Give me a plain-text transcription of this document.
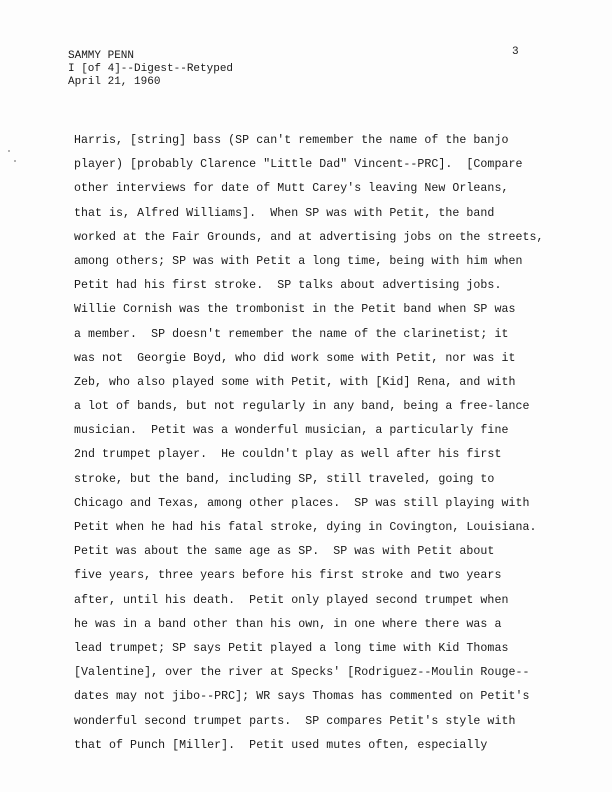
3
SAMMY PENN
I [of 4]--Digest--Retyped
April 21, 1960
Harris, [string] bass (SP can't remember the name of the banjo
player) [probably Clarence "Little Dad" Vincent--PRC].  [Compare
other interviews for date of Mutt Carey's leaving New Orleans,
that is, Alfred Williams].  When SP was with Petit, the band
worked at the Fair Grounds, and at advertising jobs on the streets,
among others; SP was with Petit a long time, being with him when
Petit had his first stroke.  SP talks about advertising jobs.
Willie Cornish was the trombonist in the Petit band when SP was
a member.  SP doesn't remember the name of the clarinetist; it
was not  Georgie Boyd, who did work some with Petit, nor was it
Zeb, who also played some with Petit, with [Kid] Rena, and with
a lot of bands, but not regularly in any band, being a free-lance
musician.  Petit was a wonderful musician, a particularly fine
2nd trumpet player.  He couldn't play as well after his first
stroke, but the band, including SP, still traveled, going to
Chicago and Texas, among other places.  SP was still playing with
Petit when he had his fatal stroke, dying in Covington, Louisiana.
Petit was about the same age as SP.  SP was with Petit about
five years, three years before his first stroke and two years
after, until his death.  Petit only played second trumpet when
he was in a band other than his own, in one where there was a
lead trumpet; SP says Petit played a long time with Kid Thomas
[Valentine], over the river at Specks' [Rodriguez--Moulin Rouge--
dates may not jibo--PRC]; WR says Thomas has commented on Petit's
wonderful second trumpet parts.  SP compares Petit's style with
that of Punch [Miller].  Petit used mutes often, especially
